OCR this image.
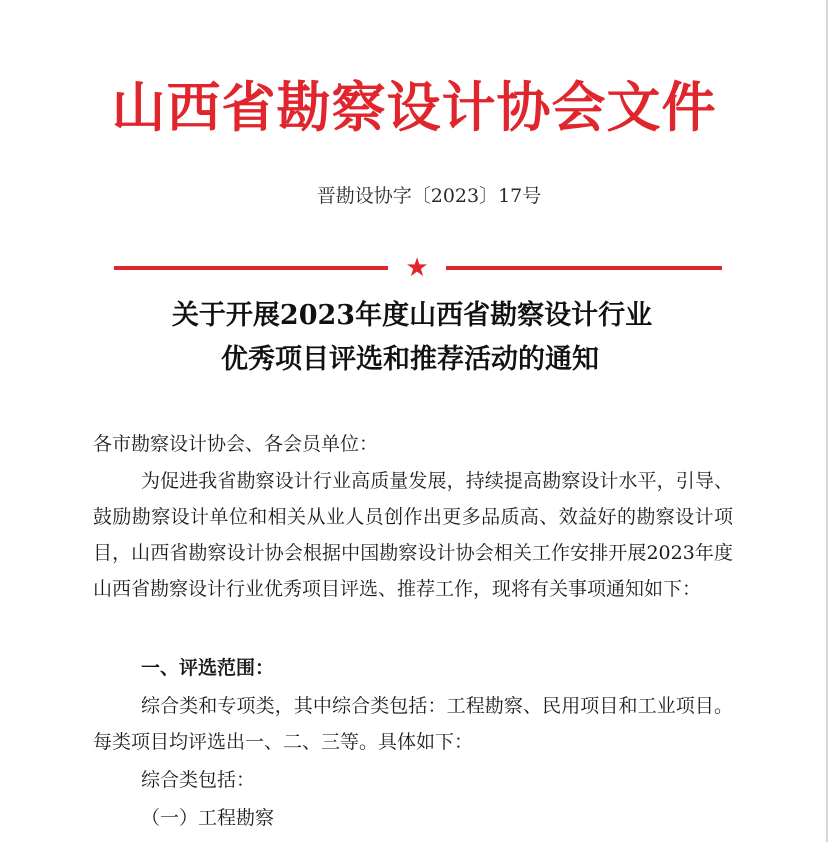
山西省勘察设计协会文件
晋勘设协字〔2023〕17号
★
关于开展2023年度山西省勘察设计行业
优秀项目评选和推荐活动的通知
各市勘察设计协会、各会员单位：
为促进我省勘察设计行业高质量发展，持续提高勘察设计水平，引导、鼓励勘察设计单位和相关从业人员创作出更多品质高、效益好的勘察设计项目，山西省勘察设计协会根据中国勘察设计协会相关工作安排开展2023年度山西省勘察设计行业优秀项目评选、推荐工作，现将有关事项通知如下：
一、评选范围：
综合类和专项类，其中综合类包括：工程勘察、民用项目和工业项目。每类项目均评选出一、二、三等。具体如下：
综合类包括：
（一）工程勘察
